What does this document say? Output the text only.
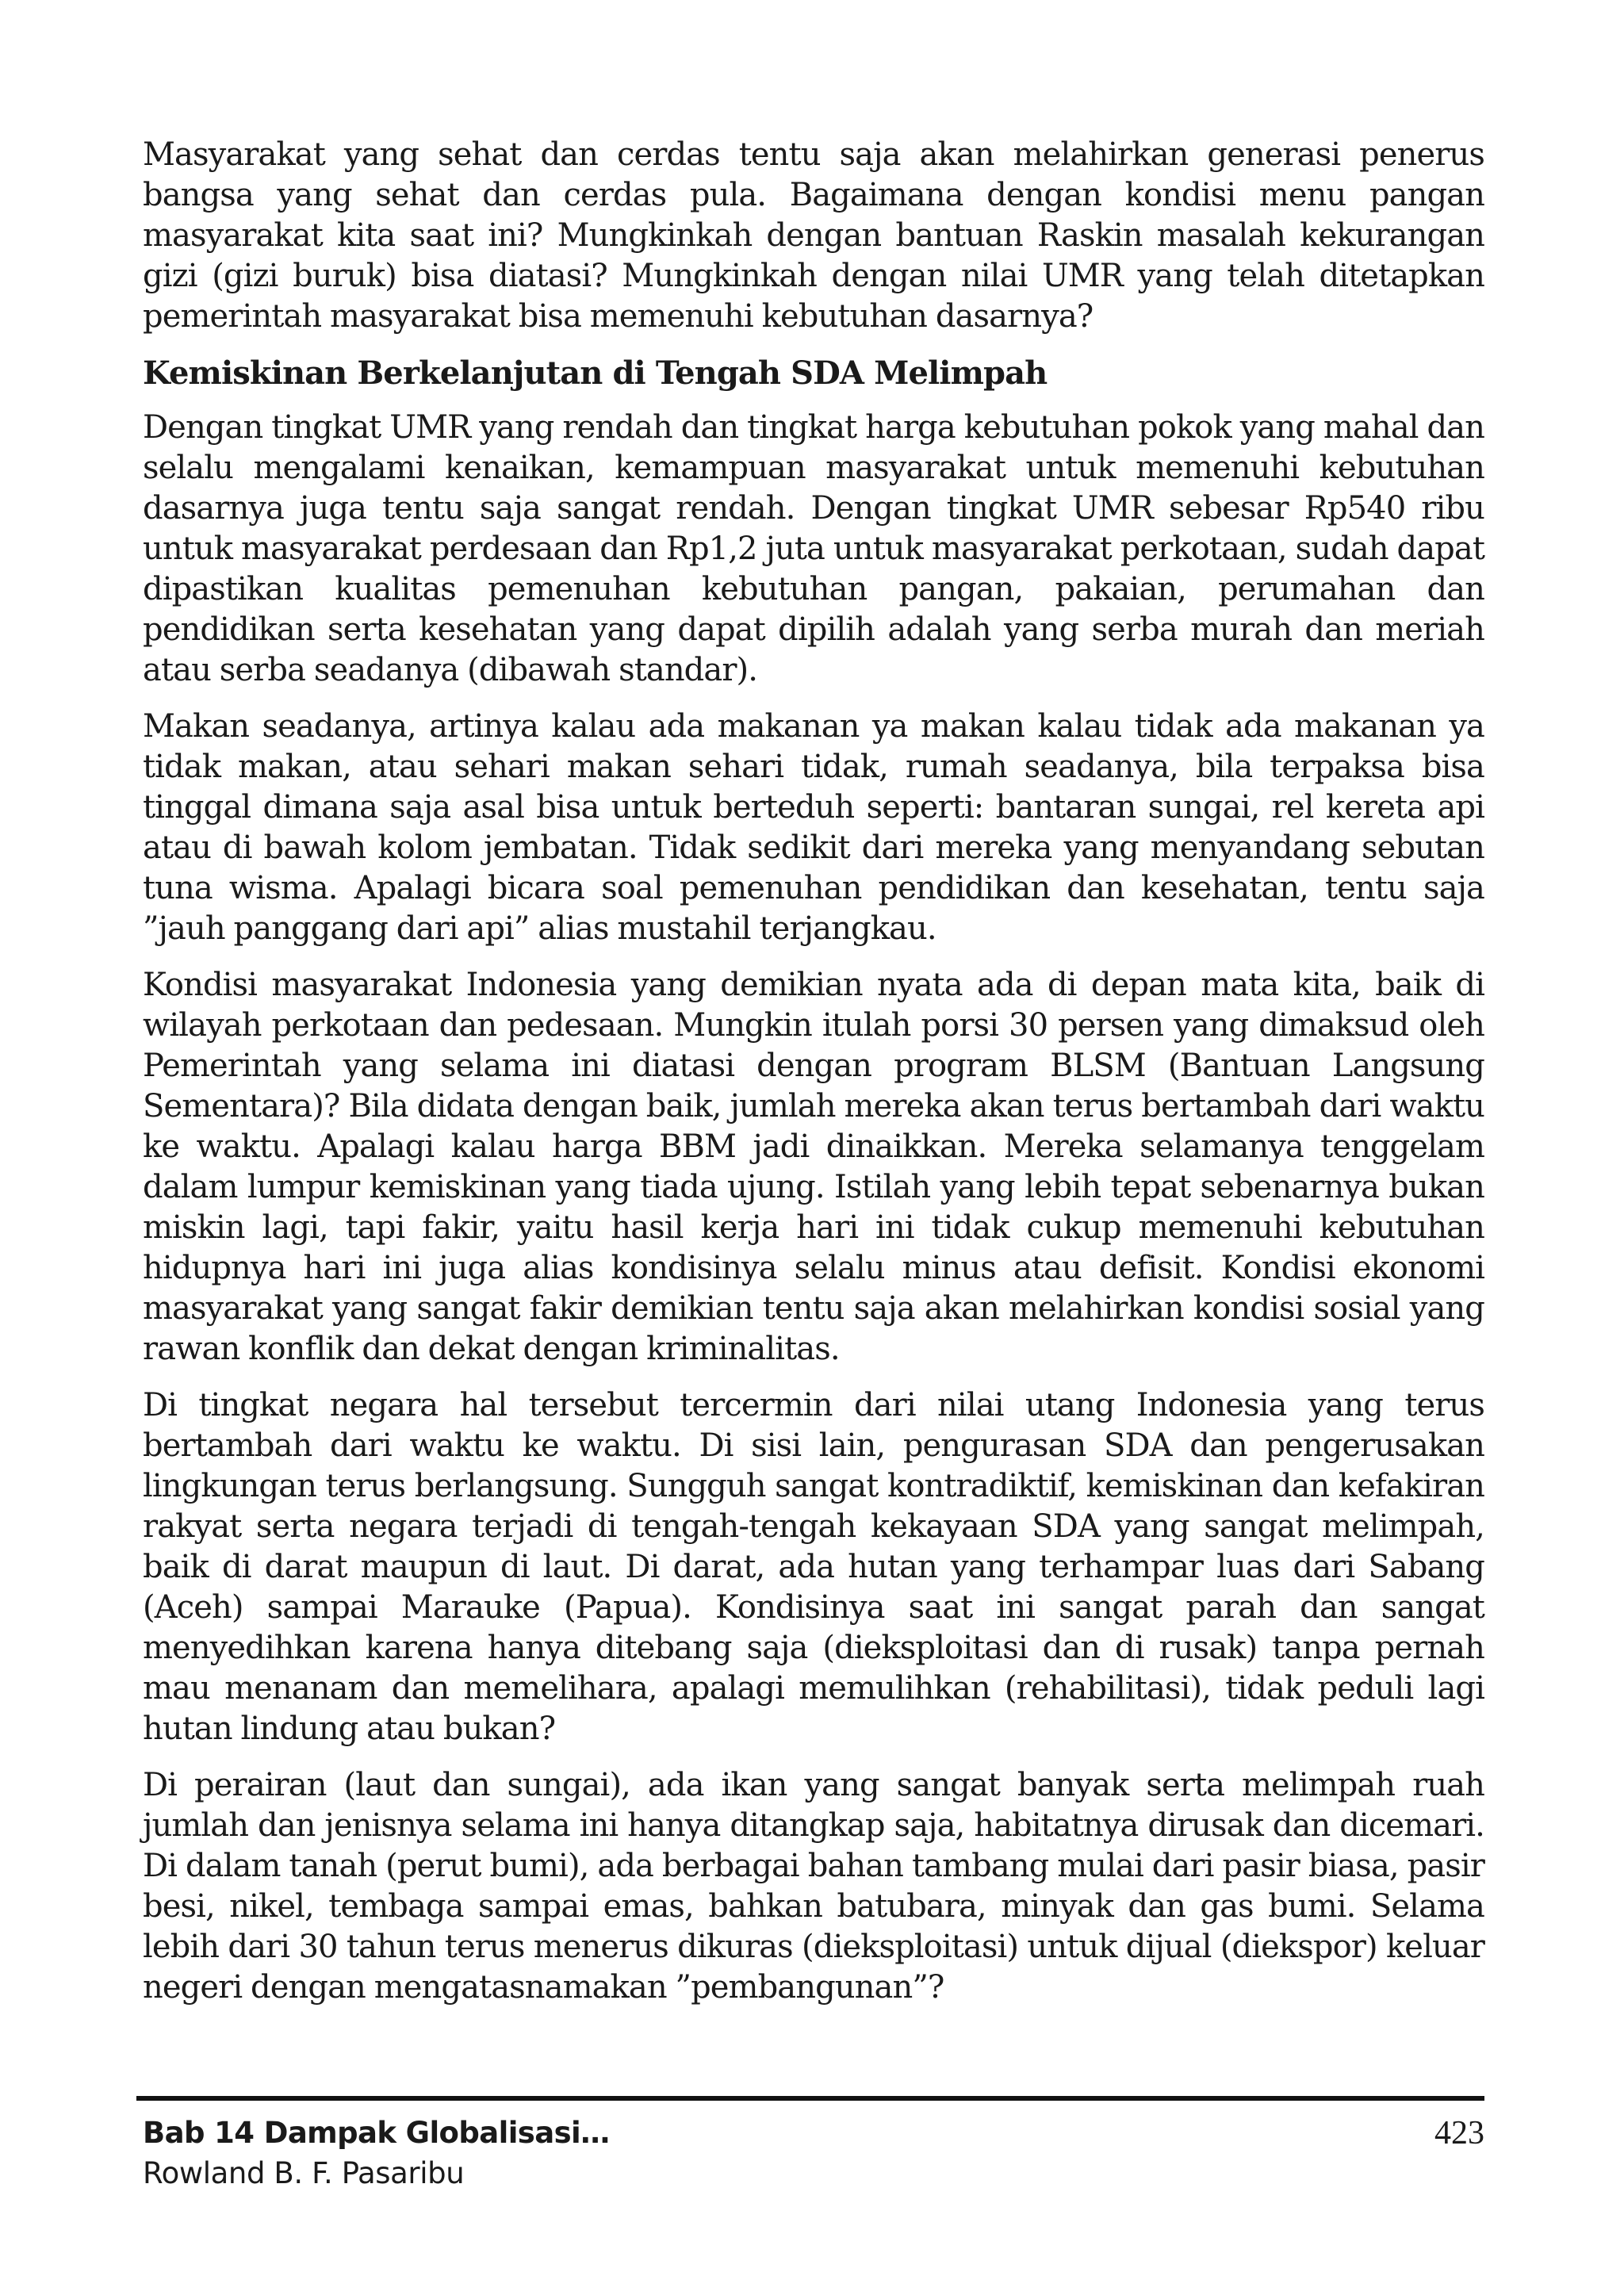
Masyarakat yang sehat dan cerdas tentu saja akan melahirkan generasi penerus bangsa yang sehat dan cerdas pula. Bagaimana dengan kondisi menu pangan masyarakat kita saat ini? Mungkinkah dengan bantuan Raskin masalah kekurangan gizi (gizi buruk) bisa diatasi? Mungkinkah dengan nilai UMR yang telah ditetapkan pemerintah masyarakat bisa memenuhi kebutuhan dasarnya?

Kemiskinan Berkelanjutan di Tengah SDA Melimpah

Dengan tingkat UMR yang rendah dan tingkat harga kebutuhan pokok yang mahal dan selalu mengalami kenaikan, kemampuan masyarakat untuk memenuhi kebutuhan dasarnya juga tentu saja sangat rendah. Dengan tingkat UMR sebesar Rp540 ribu untuk masyarakat perdesaan dan Rp1,2 juta untuk masyarakat perkotaan, sudah dapat dipastikan kualitas pemenuhan kebutuhan pangan, pakaian, perumahan dan pendidikan serta kesehatan yang dapat dipilih adalah yang serba murah dan meriah atau serba seadanya (dibawah standar).

Makan seadanya, artinya kalau ada makanan ya makan kalau tidak ada makanan ya tidak makan, atau sehari makan sehari tidak, rumah seadanya, bila terpaksa bisa tinggal dimana saja asal bisa untuk berteduh seperti: bantaran sungai, rel kereta api atau di bawah kolom jembatan. Tidak sedikit dari mereka yang menyandang sebutan tuna wisma. Apalagi bicara soal pemenuhan pendidikan dan kesehatan, tentu saja ”jauh panggang dari api” alias mustahil terjangkau.

Kondisi masyarakat Indonesia yang demikian nyata ada di depan mata kita, baik di wilayah perkotaan dan pedesaan. Mungkin itulah porsi 30 persen yang dimaksud oleh Pemerintah yang selama ini diatasi dengan program BLSM (Bantuan Langsung Sementara)? Bila didata dengan baik, jumlah mereka akan terus bertambah dari waktu ke waktu. Apalagi kalau harga BBM jadi dinaikkan. Mereka selamanya tenggelam dalam lumpur kemiskinan yang tiada ujung. Istilah yang lebih tepat sebenarnya bukan miskin lagi, tapi fakir, yaitu hasil kerja hari ini tidak cukup memenuhi kebutuhan hidupnya hari ini juga alias kondisinya selalu minus atau defisit. Kondisi ekonomi masyarakat yang sangat fakir demikian tentu saja akan melahirkan kondisi sosial yang rawan konflik dan dekat dengan kriminalitas.

Di tingkat negara hal tersebut tercermin dari nilai utang Indonesia yang terus bertambah dari waktu ke waktu. Di sisi lain, pengurasan SDA dan pengerusakan lingkungan terus berlangsung. Sungguh sangat kontradiktif, kemiskinan dan kefakiran rakyat serta negara terjadi di tengah-tengah kekayaan SDA yang sangat melimpah, baik di darat maupun di laut. Di darat, ada hutan yang terhampar luas dari Sabang (Aceh) sampai Marauke (Papua). Kondisinya saat ini sangat parah dan sangat menyedihkan karena hanya ditebang saja (dieksploitasi dan di rusak) tanpa pernah mau menanam dan memelihara, apalagi memulihkan (rehabilitasi), tidak peduli lagi hutan lindung atau bukan?

Di perairan (laut dan sungai), ada ikan yang sangat banyak serta melimpah ruah jumlah dan jenisnya selama ini hanya ditangkap saja, habitatnya dirusak dan dicemari. Di dalam tanah (perut bumi), ada berbagai bahan tambang mulai dari pasir biasa, pasir besi, nikel, tembaga sampai emas, bahkan batubara, minyak dan gas bumi. Selama lebih dari 30 tahun terus menerus dikuras (dieksploitasi) untuk dijual (diekspor) keluar negeri dengan mengatasnamakan ”pembangunan”?

Bab 14 Dampak Globalisasi…
Rowland B. F. Pasaribu
423
